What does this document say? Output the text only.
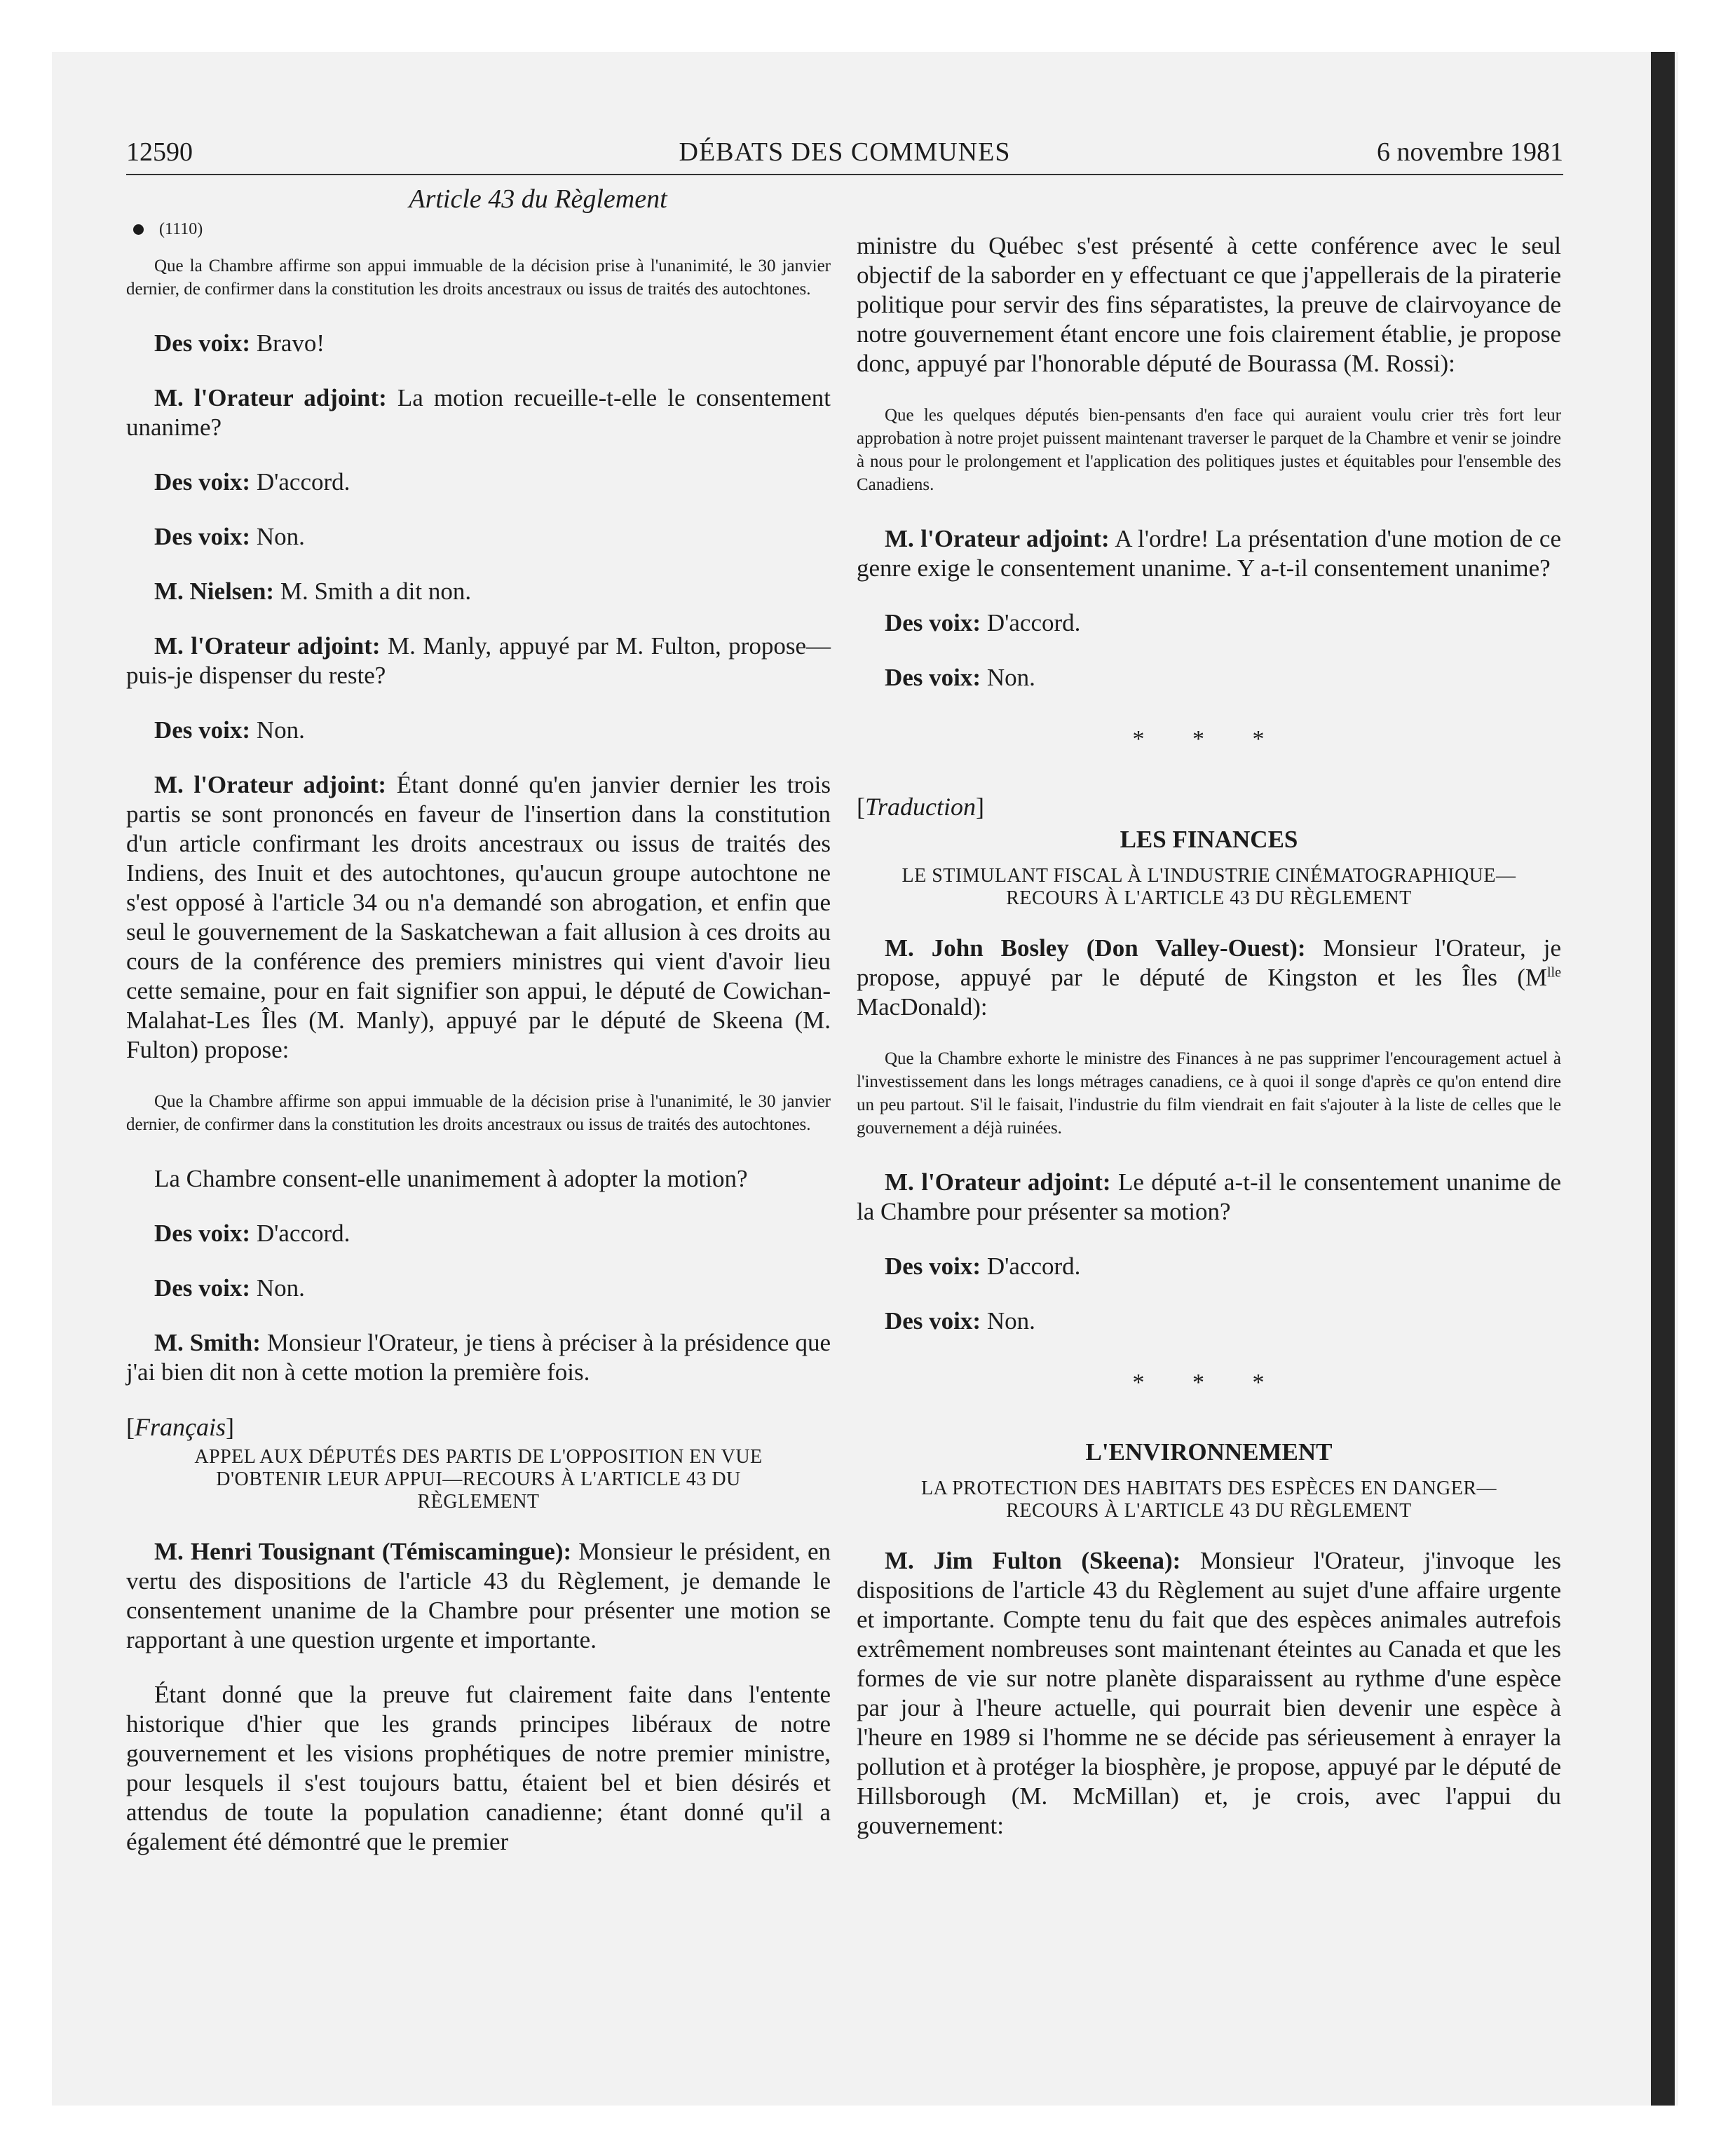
12590	DÉBATS DES COMMUNES	6 novembre 1981
Article 43 du Règlement
(1110)

Que la Chambre affirme son appui immuable de la décision prise à l'unanimité, le 30 janvier dernier, de confirmer dans la constitution les droits ancestraux ou issus de traités des autochtones.

Des voix: Bravo!

M. l'Orateur adjoint: La motion recueille-t-elle le consentement unanime?

Des voix: D'accord.

Des voix: Non.

M. Nielsen: M. Smith a dit non.

M. l'Orateur adjoint: M. Manly, appuyé par M. Fulton, propose—puis-je dispenser du reste?

Des voix: Non.

M. l'Orateur adjoint: Étant donné qu'en janvier dernier les trois partis se sont prononcés en faveur de l'insertion dans la constitution d'un article confirmant les droits ancestraux ou issus de traités des Indiens, des Inuit et des autochtones, qu'aucun groupe autochtone ne s'est opposé à l'article 34 ou n'a demandé son abrogation, et enfin que seul le gouvernement de la Saskatchewan a fait allusion à ces droits au cours de la conférence des premiers ministres qui vient d'avoir lieu cette semaine, pour en fait signifier son appui, le député de Cowichan-Malahat-Les Îles (M. Manly), appuyé par le député de Skeena (M. Fulton) propose:

Que la Chambre affirme son appui immuable de la décision prise à l'unanimité, le 30 janvier dernier, de confirmer dans la constitution les droits ancestraux ou issus de traités des autochtones.

La Chambre consent-elle unanimement à adopter la motion?

Des voix: D'accord.

Des voix: Non.

M. Smith: Monsieur l'Orateur, je tiens à préciser à la présidence que j'ai bien dit non à cette motion la première fois.

[Français]
APPEL AUX DÉPUTÉS DES PARTIS DE L'OPPOSITION EN VUE D'OBTENIR LEUR APPUI—RECOURS À L'ARTICLE 43 DU RÈGLEMENT

M. Henri Tousignant (Témiscamingue): Monsieur le président, en vertu des dispositions de l'article 43 du Règlement, je demande le consentement unanime de la Chambre pour présenter une motion se rapportant à une question urgente et importante.

Étant donné que la preuve fut clairement faite dans l'entente historique d'hier que les grands principes libéraux de notre gouvernement et les visions prophétiques de notre premier ministre, pour lesquels il s'est toujours battu, étaient bel et bien désirés et attendus de toute la population canadienne; étant donné qu'il a également été démontré que le premier

ministre du Québec s'est présenté à cette conférence avec le seul objectif de la saborder en y effectuant ce que j'appellerais de la piraterie politique pour servir des fins séparatistes, la preuve de clairvoyance de notre gouvernement étant encore une fois clairement établie, je propose donc, appuyé par l'honorable député de Bourassa (M. Rossi):

Que les quelques députés bien-pensants d'en face qui auraient voulu crier très fort leur approbation à notre projet puissent maintenant traverser le parquet de la Chambre et venir se joindre à nous pour le prolongement et l'application des politiques justes et équitables pour l'ensemble des Canadiens.

M. l'Orateur adjoint: A l'ordre! La présentation d'une motion de ce genre exige le consentement unanime. Y a-t-il consentement unanime?

Des voix: D'accord.

Des voix: Non.

* * *
[Traduction]
LES FINANCES
LE STIMULANT FISCAL À L'INDUSTRIE CINÉMATOGRAPHIQUE—RECOURS À L'ARTICLE 43 DU RÈGLEMENT

M. John Bosley (Don Valley-Ouest): Monsieur l'Orateur, je propose, appuyé par le député de Kingston et les Îles ($M^{lle}$ MacDonald):

Que la Chambre exhorte le ministre des Finances à ne pas supprimer l'encouragement actuel à l'investissement dans les longs métrages canadiens, ce à quoi il songe d'après ce qu'on entend dire un peu partout. S'il le faisait, l'industrie du film viendrait en fait s'ajouter à la liste de celles que le gouvernement a déjà ruinées.

M. l'Orateur adjoint: Le député a-t-il le consentement unanime de la Chambre pour présenter sa motion?

Des voix: D'accord.

Des voix: Non.

* * *
L'ENVIRONNEMENT
LA PROTECTION DES HABITATS DES ESPÈCES EN DANGER—RECOURS À L'ARTICLE 43 DU RÈGLEMENT

M. Jim Fulton (Skeena): Monsieur l'Orateur, j'invoque les dispositions de l'article 43 du Règlement au sujet d'une affaire urgente et importante. Compte tenu du fait que des espèces animales autrefois extrêmement nombreuses sont maintenant éteintes au Canada et que les formes de vie sur notre planète disparaissent au rythme d'une espèce par jour à l'heure actuelle, qui pourrait bien devenir une espèce à l'heure en 1989 si l'homme ne se décide pas sérieusement à enrayer la pollution et à protéger la biosphère, je propose, appuyé par le député de Hillsborough (M. McMillan) et, je crois, avec l'appui du gouvernement:
